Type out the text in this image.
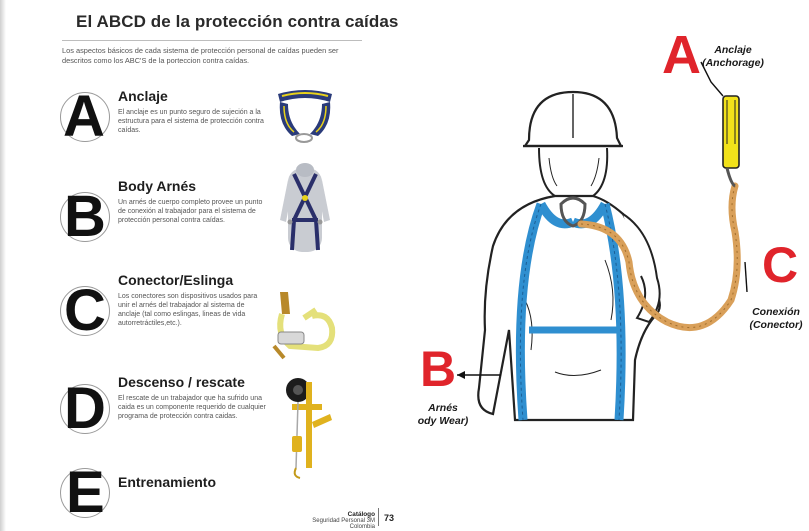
El ABCD de la protección contra caídas
Los aspectos básicos de cada sistema de protección personal de caídas pueden ser descritos como los ABC'S de la porteccion contra caídas.
A Anclaje
El anclaje es un punto seguro de sujeción a la estructura para el sistema de protección contra caídas.
B Body Arnés
Un arnés de cuerpo completo provee un punto de conexión al trabajador para el sistema de protección personal contra caídas.
C Conector/Eslinga
Los conectores son dispositivos usados para unir el arnés del trabajador al sistema de anclaje (tal como eslingas, lineas de vida autorretráctiles,etc.).
D Descenso / rescate
El rescate de un trabajador que ha sufrido una caida es un componente requerido de cualquier programa de protección contra caidas.
E Entrenamiento
Catálogo
Seguridad Personal 3M Colombia
73
A	Anclaje
(Anchorage)
B
Arnés
ody Wear)
C
Conexión
(Conector)
